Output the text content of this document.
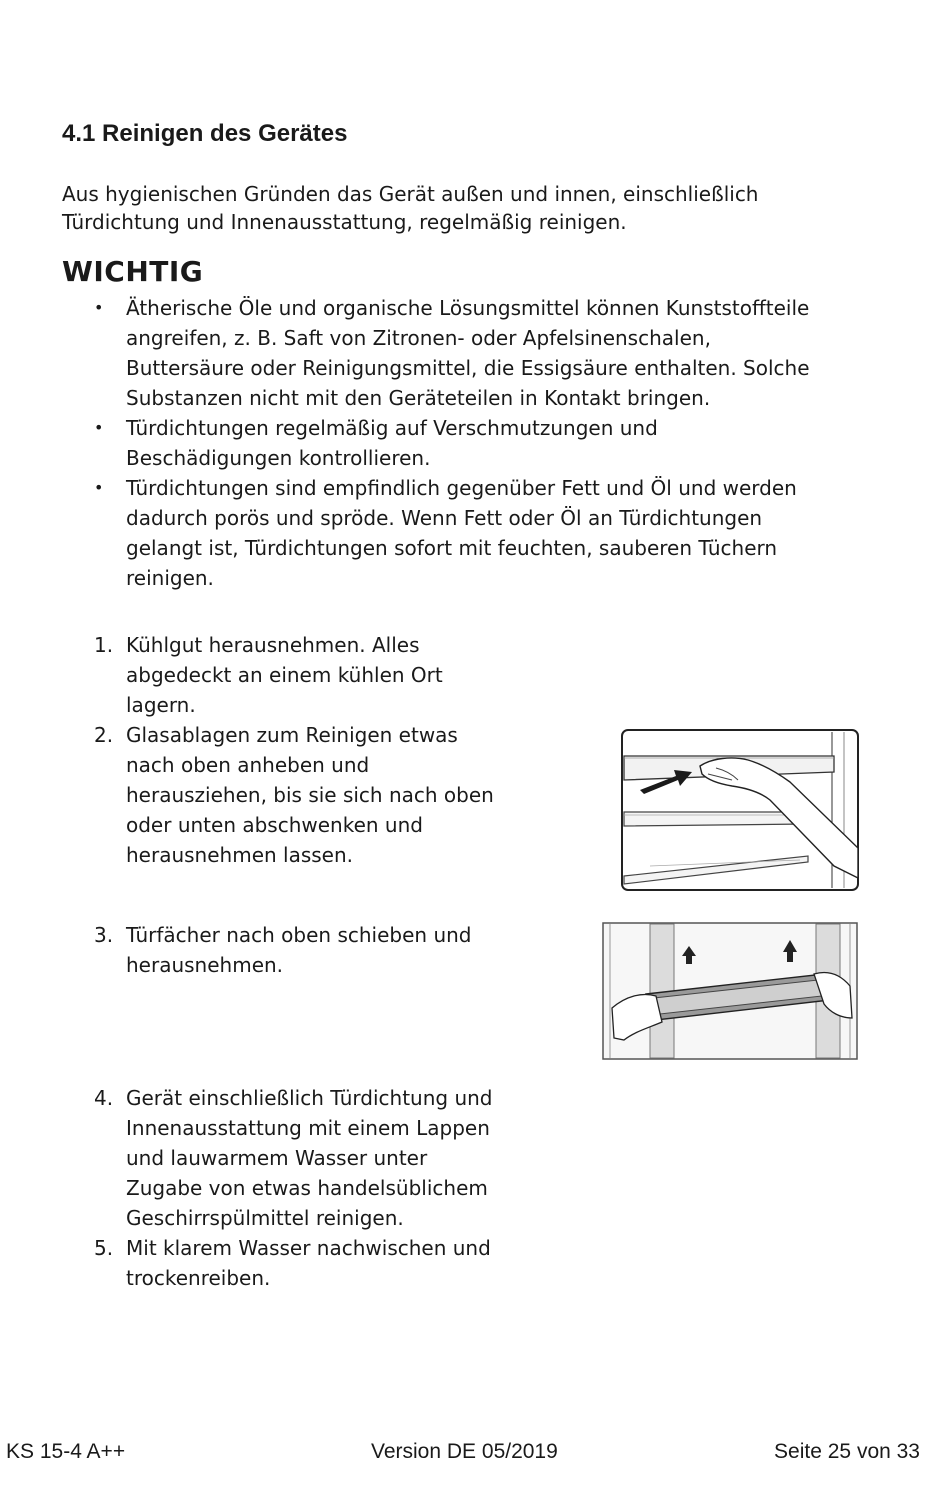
4.1 Reinigen des Gerätes

Aus hygienischen Gründen das Gerät außen und innen, einschließlich
Türdichtung und Innenausstattung, regelmäßig reinigen.

WICHTIG
• Ätherische Öle und organische Lösungsmittel können Kunststoffteile
angreifen, z. B. Saft von Zitronen- oder Apfelsinenschalen,
Buttersäure oder Reinigungsmittel, die Essigsäure enthalten. Solche
Substanzen nicht mit den Geräteteilen in Kontakt bringen.
• Türdichtungen regelmäßig auf Verschmutzungen und
Beschädigungen kontrollieren.
• Türdichtungen sind empfindlich gegenüber Fett und Öl und werden
dadurch porös und spröde. Wenn Fett oder Öl an Türdichtungen
gelangt ist, Türdichtungen sofort mit feuchten, sauberen Tüchern
reinigen.
1. Kühlgut herausnehmen. Alles
abgedeckt an einem kühlen Ort
lagern.
2. Glasablagen zum Reinigen etwas
nach oben anheben und
herausziehen, bis sie sich nach oben
oder unten abschwenken und
herausnehmen lassen.
3. Türfächer nach oben schieben und
herausnehmen.
4. Gerät einschließlich Türdichtung und
Innenausstattung mit einem Lappen
und lauwarmem Wasser unter
Zugabe von etwas handelsüblichem
Geschirrspülmittel reinigen.
5. Mit klarem Wasser nachwischen und
trockenreiben.
KS 15-4 A++	Version DE 05/2019	Seite 25 von 33
